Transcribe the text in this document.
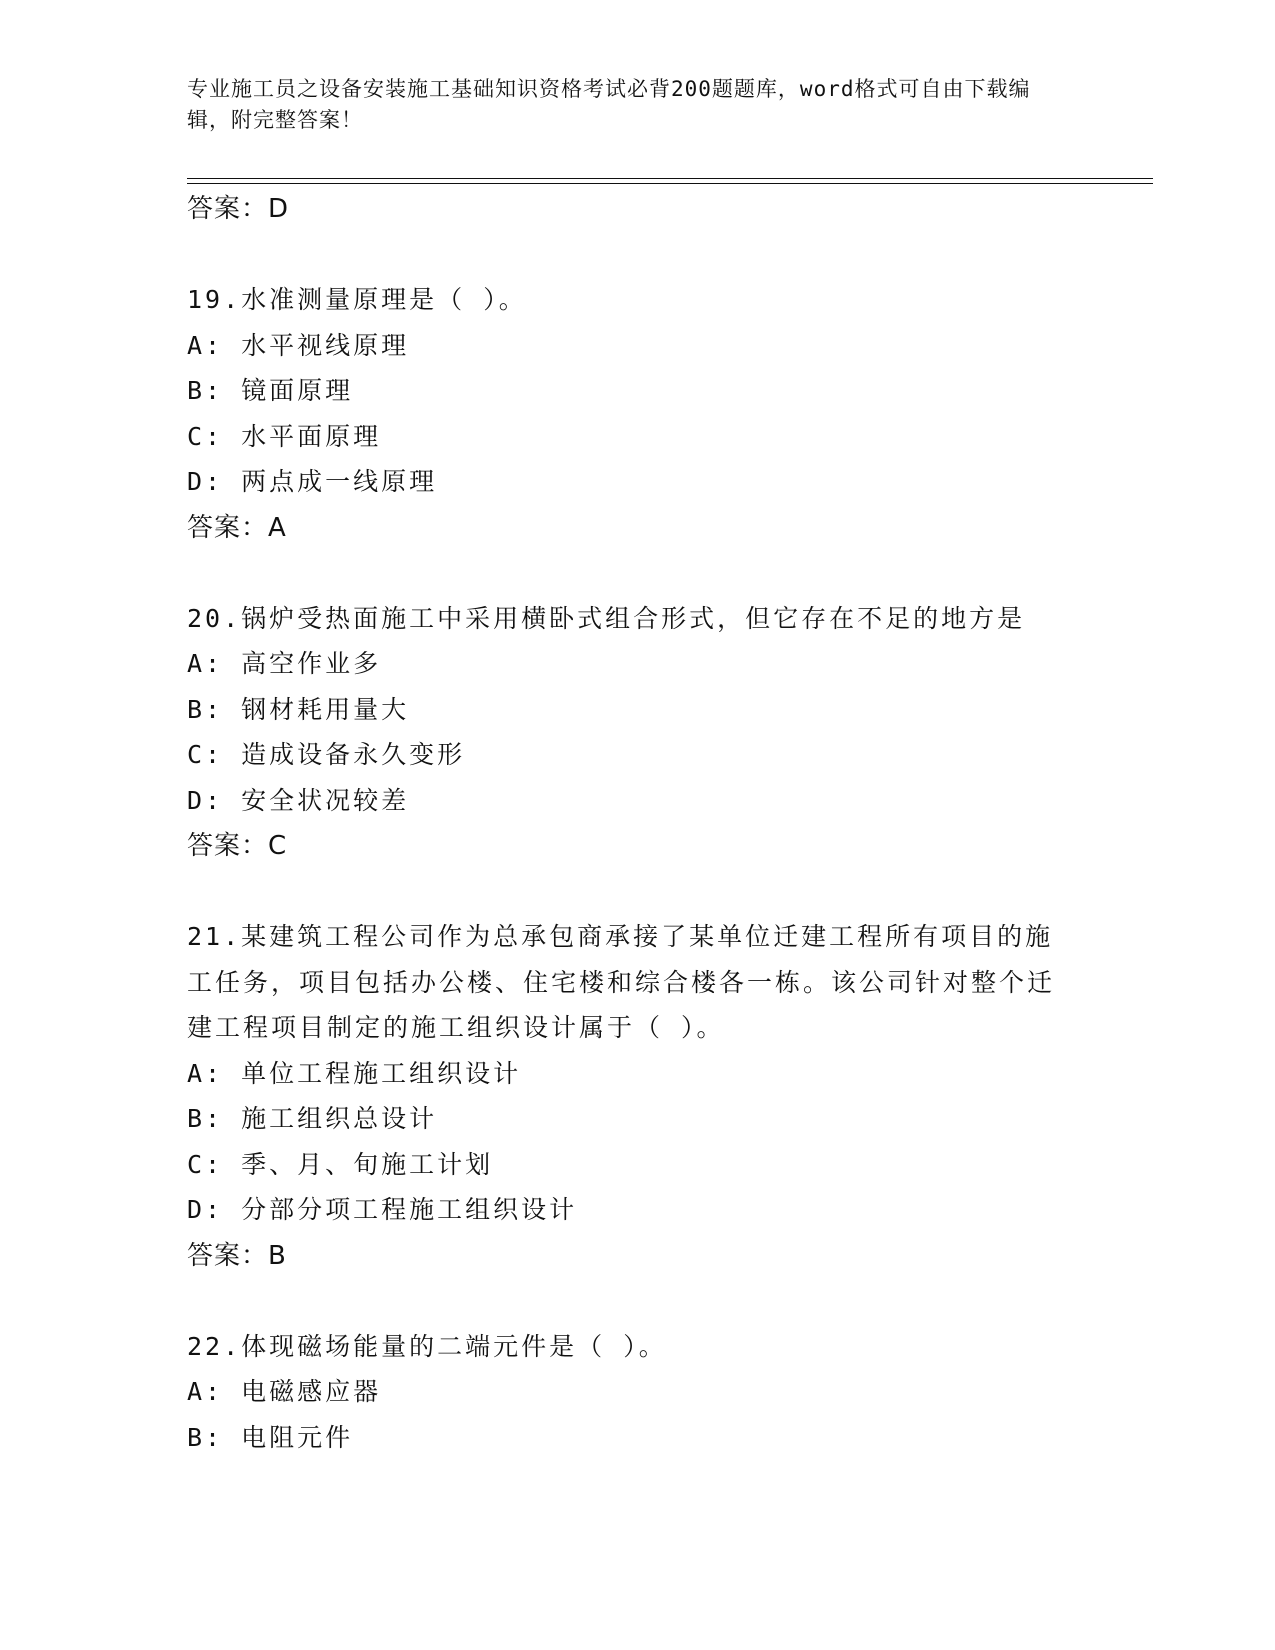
专业施工员之设备安装施工基础知识资格考试必背200题题库，word格式可自由下载编辑，附完整答案！
答案：D
19.水准测量原理是（ ）。
A: 水平视线原理
B: 镜面原理
C: 水平面原理
D: 两点成一线原理
答案：A
20.锅炉受热面施工中采用横卧式组合形式，但它存在不足的地方是
A: 高空作业多
B: 钢材耗用量大
C: 造成设备永久变形
D: 安全状况较差
答案：C
21.某建筑工程公司作为总承包商承接了某单位迁建工程所有项目的施工任务，项目包括办公楼、住宅楼和综合楼各一栋。该公司针对整个迁建工程项目制定的施工组织设计属于（ ）。
A: 单位工程施工组织设计
B: 施工组织总设计
C: 季、月、旬施工计划
D: 分部分项工程施工组织设计
答案：B
22.体现磁场能量的二端元件是（ ）。
A: 电磁感应器
B: 电阻元件
